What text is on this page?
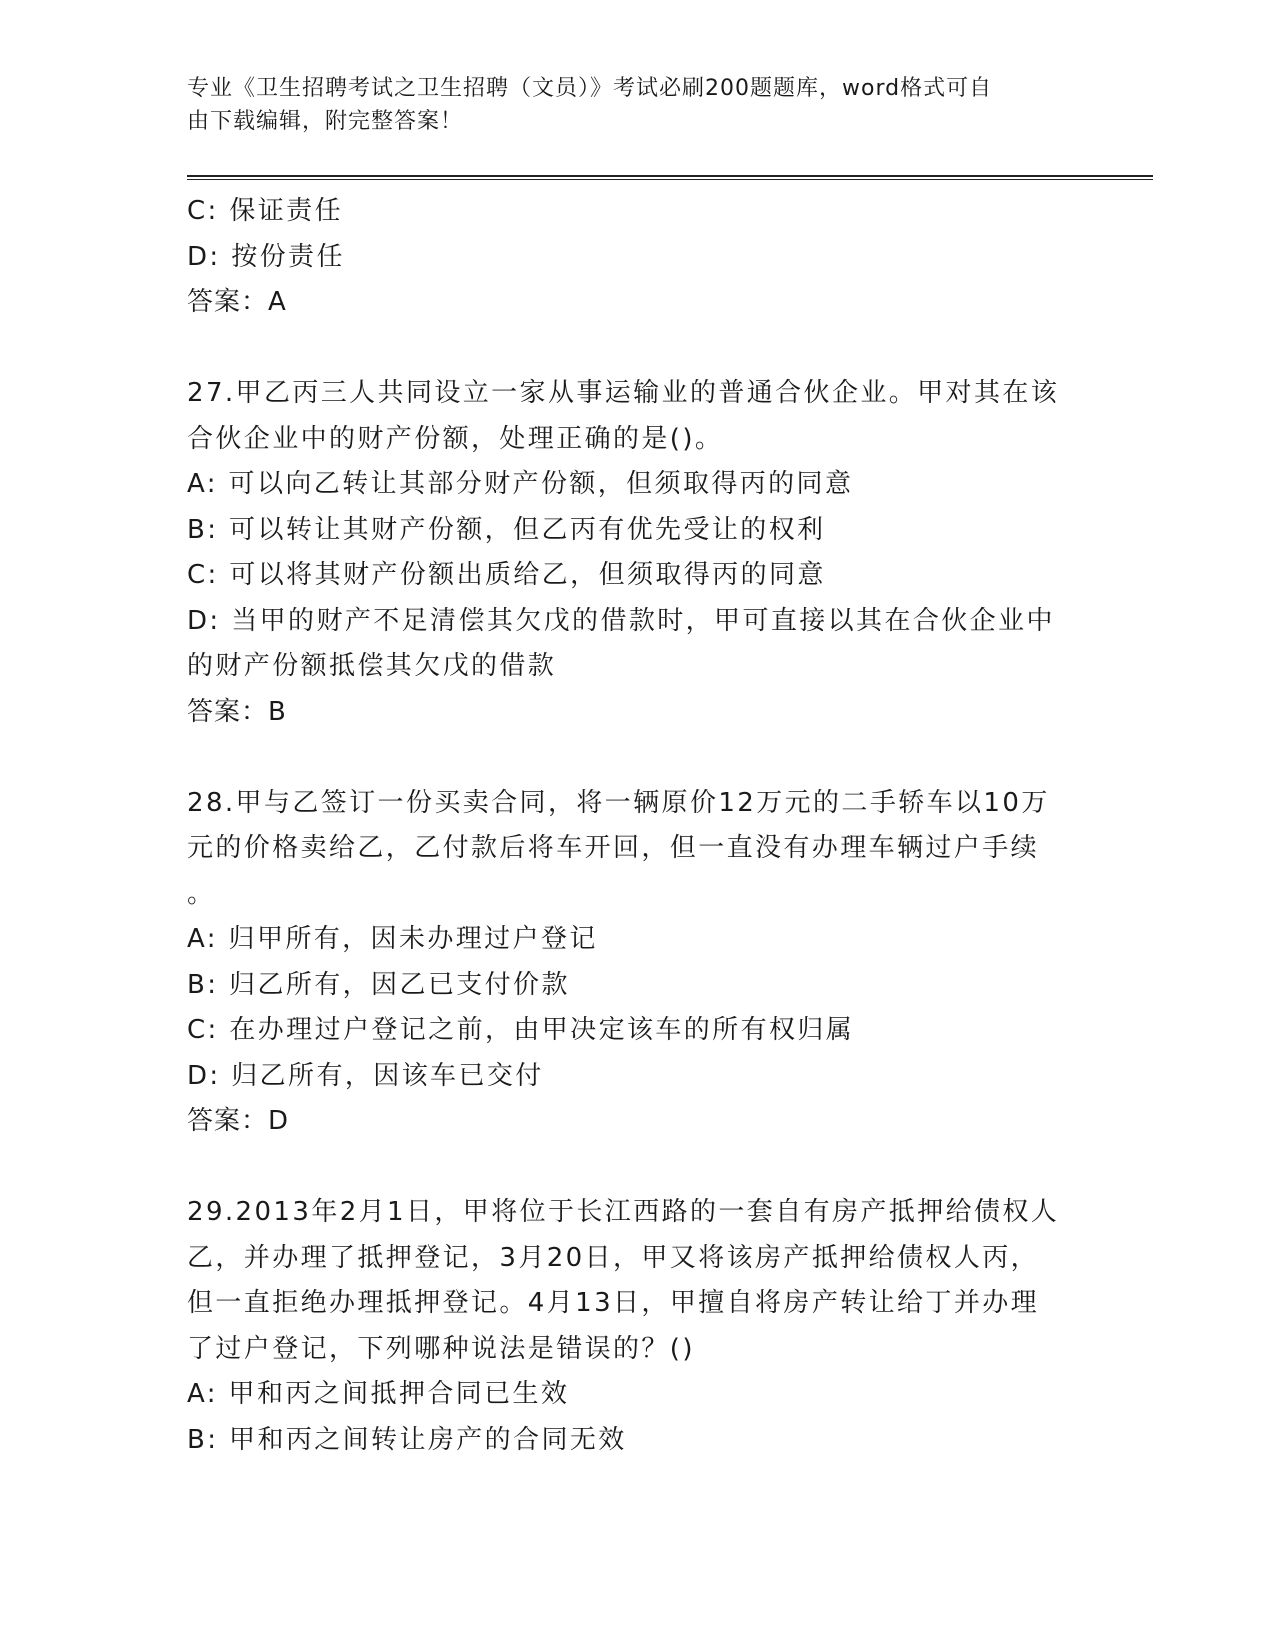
专业《卫生招聘考试之卫生招聘（文员）》考试必刷200题题库，word格式可自
由下载编辑，附完整答案！
C: 保证责任
D: 按份责任
答案：A
27.甲乙丙三人共同设立一家从事运输业的普通合伙企业。甲对其在该
合伙企业中的财产份额，处理正确的是()。
A: 可以向乙转让其部分财产份额，但须取得丙的同意
B: 可以转让其财产份额，但乙丙有优先受让的权利
C: 可以将其财产份额出质给乙，但须取得丙的同意
D: 当甲的财产不足清偿其欠戊的借款时，甲可直接以其在合伙企业中
的财产份额抵偿其欠戊的借款
答案：B
28.甲与乙签订一份买卖合同，将一辆原价12万元的二手轿车以10万
元的价格卖给乙，乙付款后将车开回，但一直没有办理车辆过户手续
。
A: 归甲所有，因未办理过户登记
B: 归乙所有，因乙已支付价款
C: 在办理过户登记之前，由甲决定该车的所有权归属
D: 归乙所有，因该车已交付
答案：D
29.2013年2月1日，甲将位于长江西路的一套自有房产抵押给债权人
乙，并办理了抵押登记，3月20日，甲又将该房产抵押给债权人丙，
但一直拒绝办理抵押登记。4月13日，甲擅自将房产转让给丁并办理
了过户登记，下列哪种说法是错误的？()
A: 甲和丙之间抵押合同已生效
B: 甲和丙之间转让房产的合同无效
